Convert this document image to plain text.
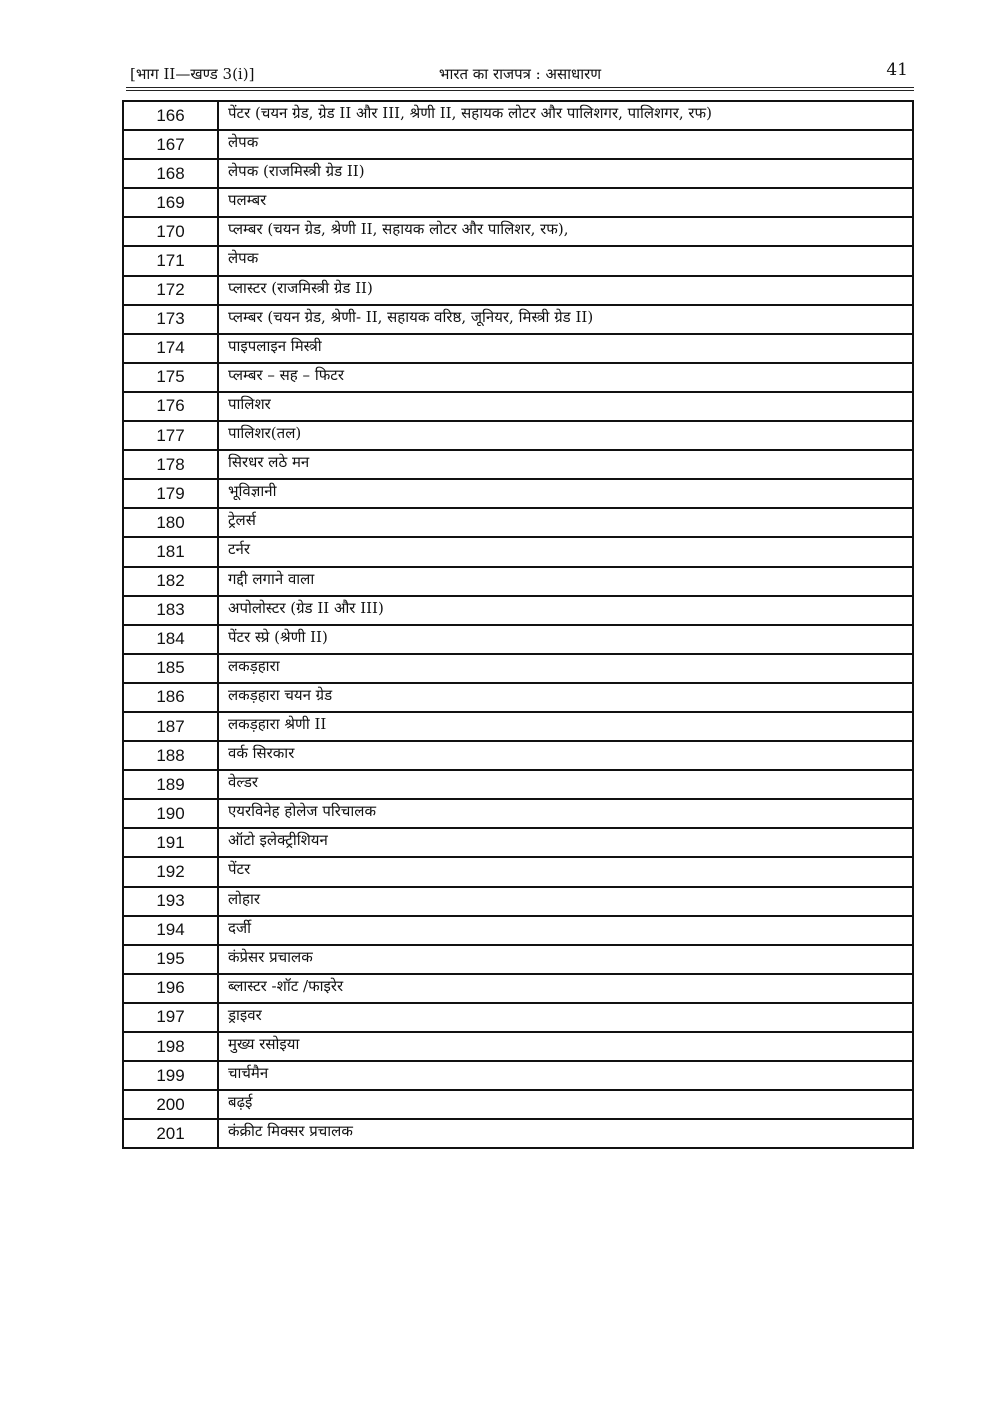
[भाग II—खण्ड 3(i)]	भारत का राजपत्र : असाधारण	41
166	पेंटर (चयन ग्रेड, ग्रेड II और III, श्रेणी II, सहायक लोटर और पालिशगर, पालिशगर, रफ)
167	लेपक
168	लेपक (राजमिस्त्री ग्रेड II)
169	पलम्बर
170	प्लम्बर (चयन ग्रेड, श्रेणी II, सहायक लोटर और पालिशर, रफ),
171	लेपक
172	प्लास्टर (राजमिस्त्री ग्रेड II)
173	प्लम्बर (चयन ग्रेड, श्रेणी- II, सहायक वरिष्ठ, जूनियर, मिस्त्री ग्रेड II)
174	पाइपलाइन मिस्त्री
175	प्लम्बर – सह – फिटर
176	पालिशर
177	पालिशर(तल)
178	सिरधर लठे मन
179	भूविज्ञानी
180	ट्रेलर्स
181	टर्नर
182	गद्दी लगाने वाला
183	अपोलोस्टर (ग्रेड II और III)
184	पेंटर स्प्रे (श्रेणी II)
185	लकड़हारा
186	लकड़हारा चयन ग्रेड
187	लकड़हारा श्रेणी II
188	वर्क सिरकार
189	वेल्डर
190	एयरविनेह होलेज परिचालक
191	ऑटो इलेक्ट्रीशियन
192	पेंटर
193	लोहार
194	दर्जी
195	कंप्रेसर प्रचालक
196	ब्लास्टर -शॉट /फाइरेर
197	ड्राइवर
198	मुख्य रसोइया
199	चार्चमैन
200	बढ़ई
201	कंक्रीट मिक्सर प्रचालक
